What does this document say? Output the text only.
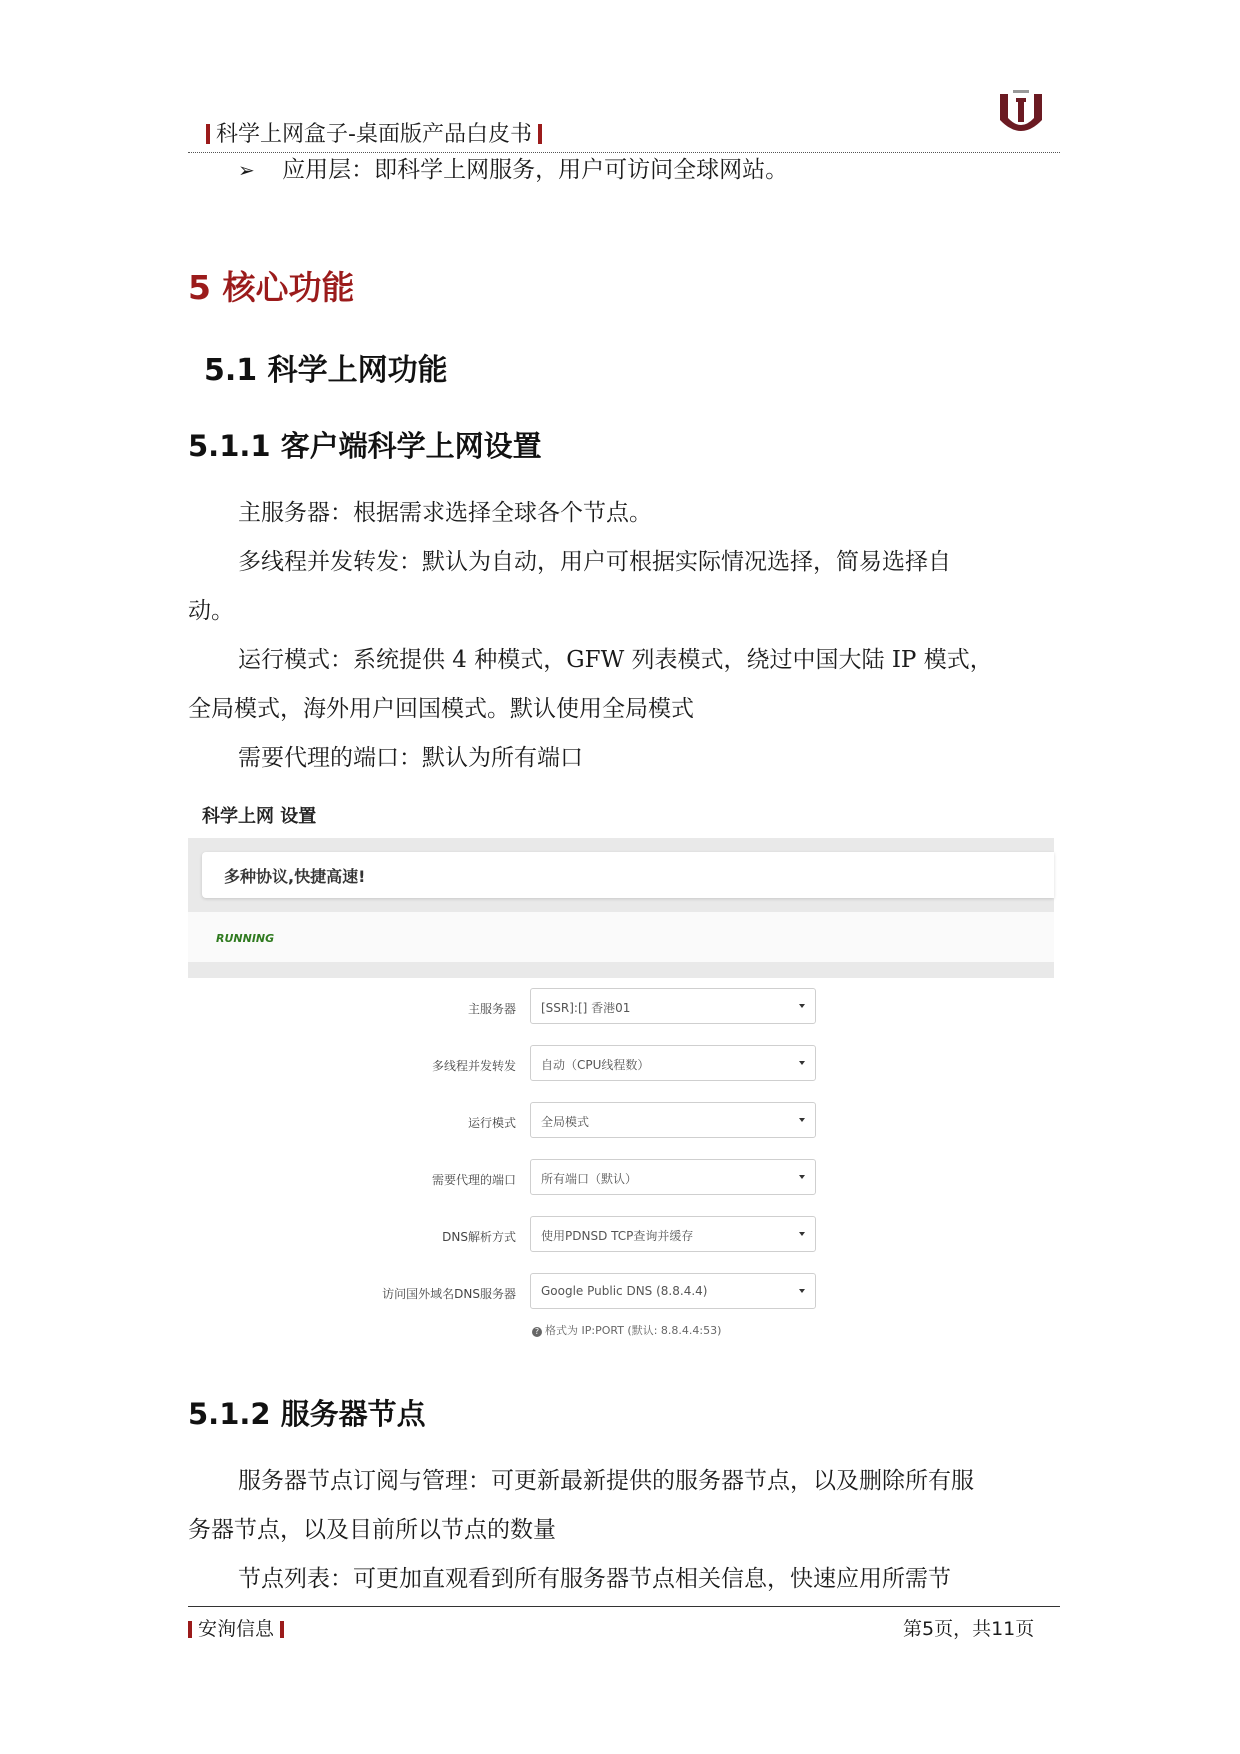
科学上网盒子-桌面版产品白皮书
➢ 应用层：即科学上网服务，用户可访问全球网站。
5 核心功能
5.1 科学上网功能
5.1.1 客户端科学上网设置
主服务器：根据需求选择全球各个节点。
多线程并发转发：默认为自动，用户可根据实际情况选择，简易选择自
动。
运行模式：系统提供 4 种模式，GFW 列表模式，绕过中国大陆 IP 模式，
全局模式，海外用户回国模式。默认使用全局模式
需要代理的端口：默认为所有端口
科学上网 设置
多种协议,快捷高速!
RUNNING
主服务器 [SSR]:[] 香港01
多线程并发转发 自动（CPU线程数）
运行模式 全局模式
需要代理的端口 所有端口（默认）
DNS解析方式 使用PDNSD TCP查询并缓存
访问国外域名DNS服务器 Google Public DNS (8.8.4.4)
? 格式为 IP:PORT (默认: 8.8.4.4:53)
5.1.2 服务器节点
服务器节点订阅与管理：可更新最新提供的服务器节点，以及删除所有服
务器节点，以及目前所以节点的数量
节点列表：可更加直观看到所有服务器节点相关信息，快速应用所需节
安洵信息	第5页，共11页
